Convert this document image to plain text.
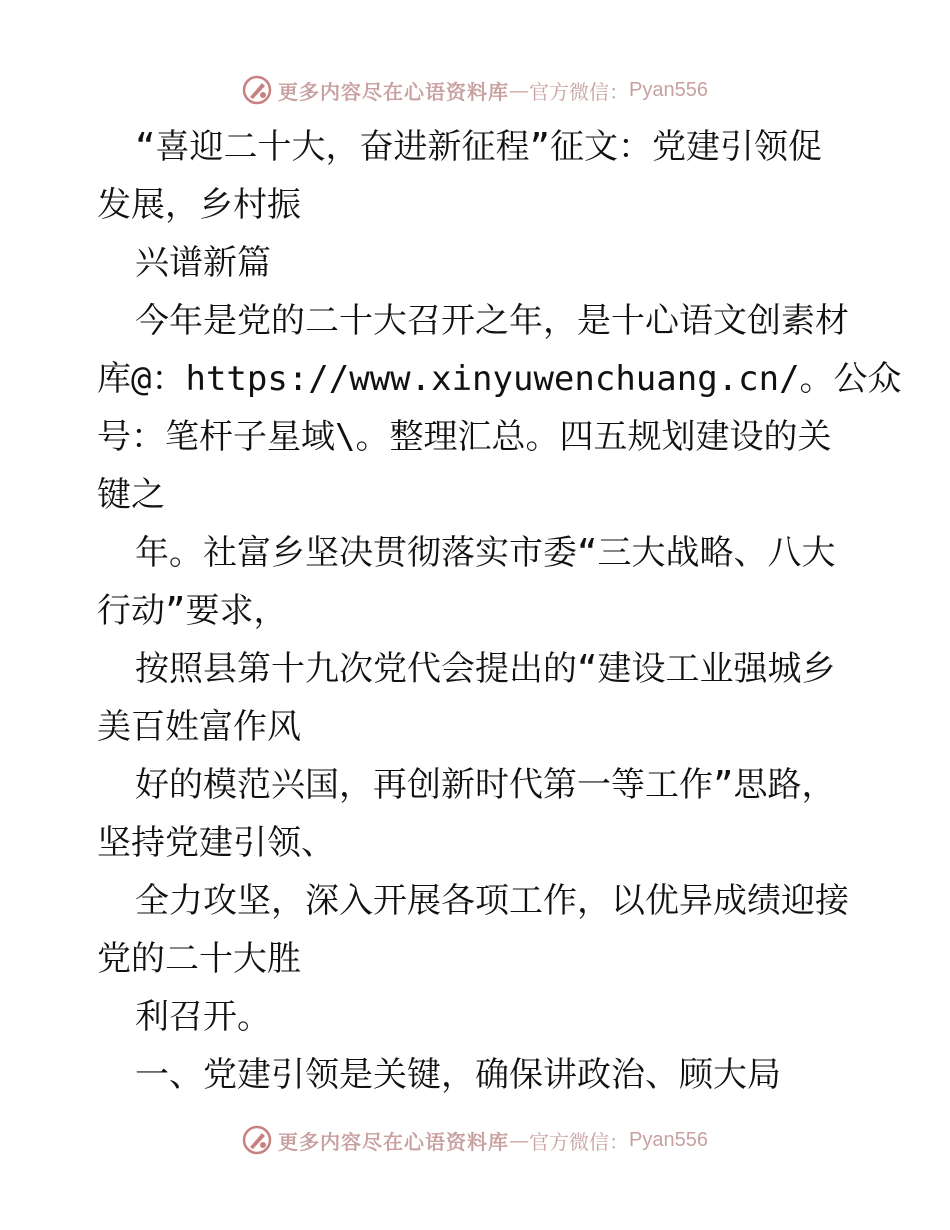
更多内容尽在心语资料库 — 官方微信： Pyan556
“喜迎二十大，奋进新征程”征文：党建引领促
发展，乡村振
兴谱新篇
今年是党的二十大召开之年，是十心语文创素材
库@：https://www.xinyuwenchuang.cn/。公众
号：笔杆子星域\。整理汇总。四五规划建设的关
键之
年。社富乡坚决贯彻落实市委“三大战略、八大
行动”要求，
按照县第十九次党代会提出的“建设工业强城乡
美百姓富作风
好的模范兴国，再创新时代第一等工作”思路，
坚持党建引领、
全力攻坚，深入开展各项工作，以优异成绩迎接
党的二十大胜
利召开。
一、党建引领是关键，确保讲政治、顾大局
更多内容尽在心语资料库 — 官方微信： Pyan556
